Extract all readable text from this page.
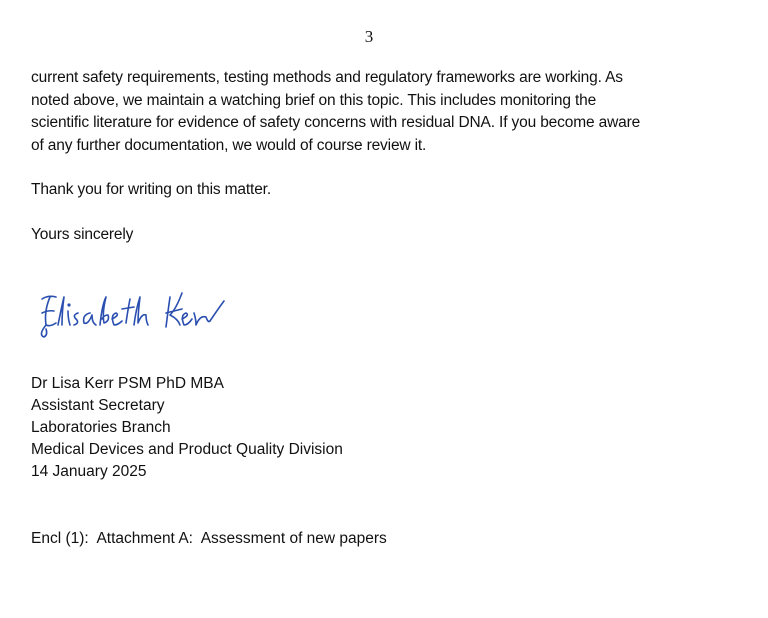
3
current safety requirements, testing methods and regulatory frameworks are working. As
noted above, we maintain a watching brief on this topic. This includes monitoring the
scientific literature for evidence of safety concerns with residual DNA. If you become aware
of any further documentation, we would of course review it.
Thank you for writing on this matter.
Yours sincerely
Dr Lisa Kerr PSM PhD MBA
Assistant Secretary
Laboratories Branch
Medical Devices and Product Quality Division
14 January 2025
Encl (1):  Attachment A:  Assessment of new papers
